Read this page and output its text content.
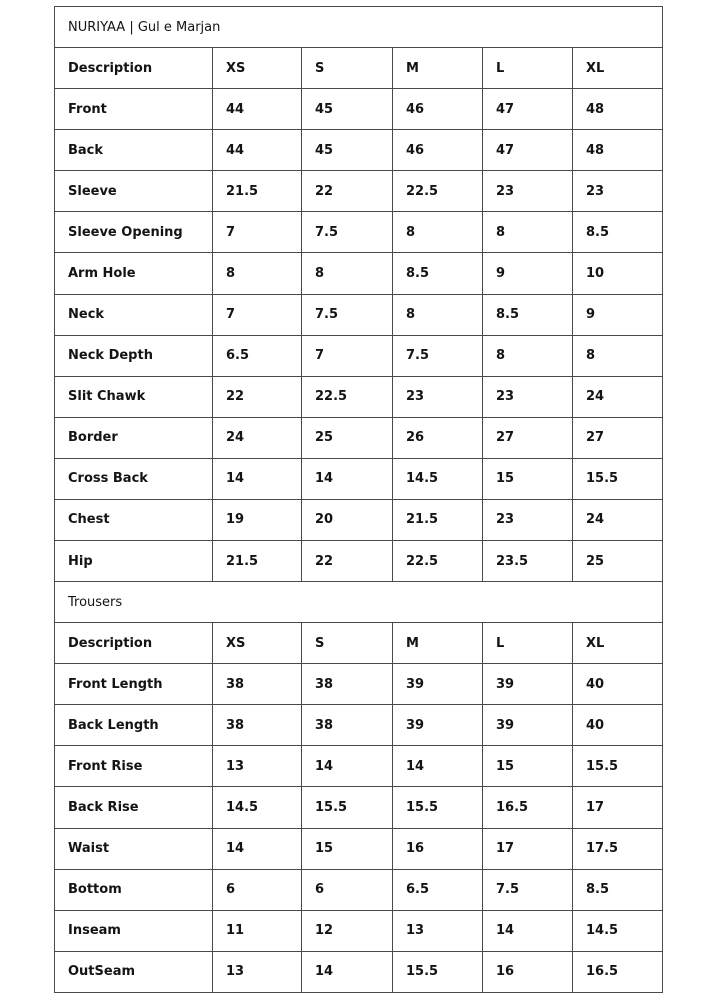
NURIYAA | Gul e Marjan					
Description	XS	S	M	L	XL
Front	44	45	46	47	48
Back	44	45	46	47	48
Sleeve	21.5	22	22.5	23	23
Sleeve Opening	7	7.5	8	8	8.5
Arm Hole	8	8	8.5	9	10
Neck	7	7.5	8	8.5	9
Neck Depth	6.5	7	7.5	8	8
Slit Chawk	22	22.5	23	23	24
Border	24	25	26	27	27
Cross Back	14	14	14.5	15	15.5
Chest	19	20	21.5	23	24
Hip	21.5	22	22.5	23.5	25
Trousers					
Description	XS	S	M	L	XL
Front Length	38	38	39	39	40
Back Length	38	38	39	39	40
Front Rise	13	14	14	15	15.5
Back Rise	14.5	15.5	15.5	16.5	17
Waist	14	15	16	17	17.5
Bottom	6	6	6.5	7.5	8.5
Inseam	11	12	13	14	14.5
OutSeam	13	14	15.5	16	16.5
